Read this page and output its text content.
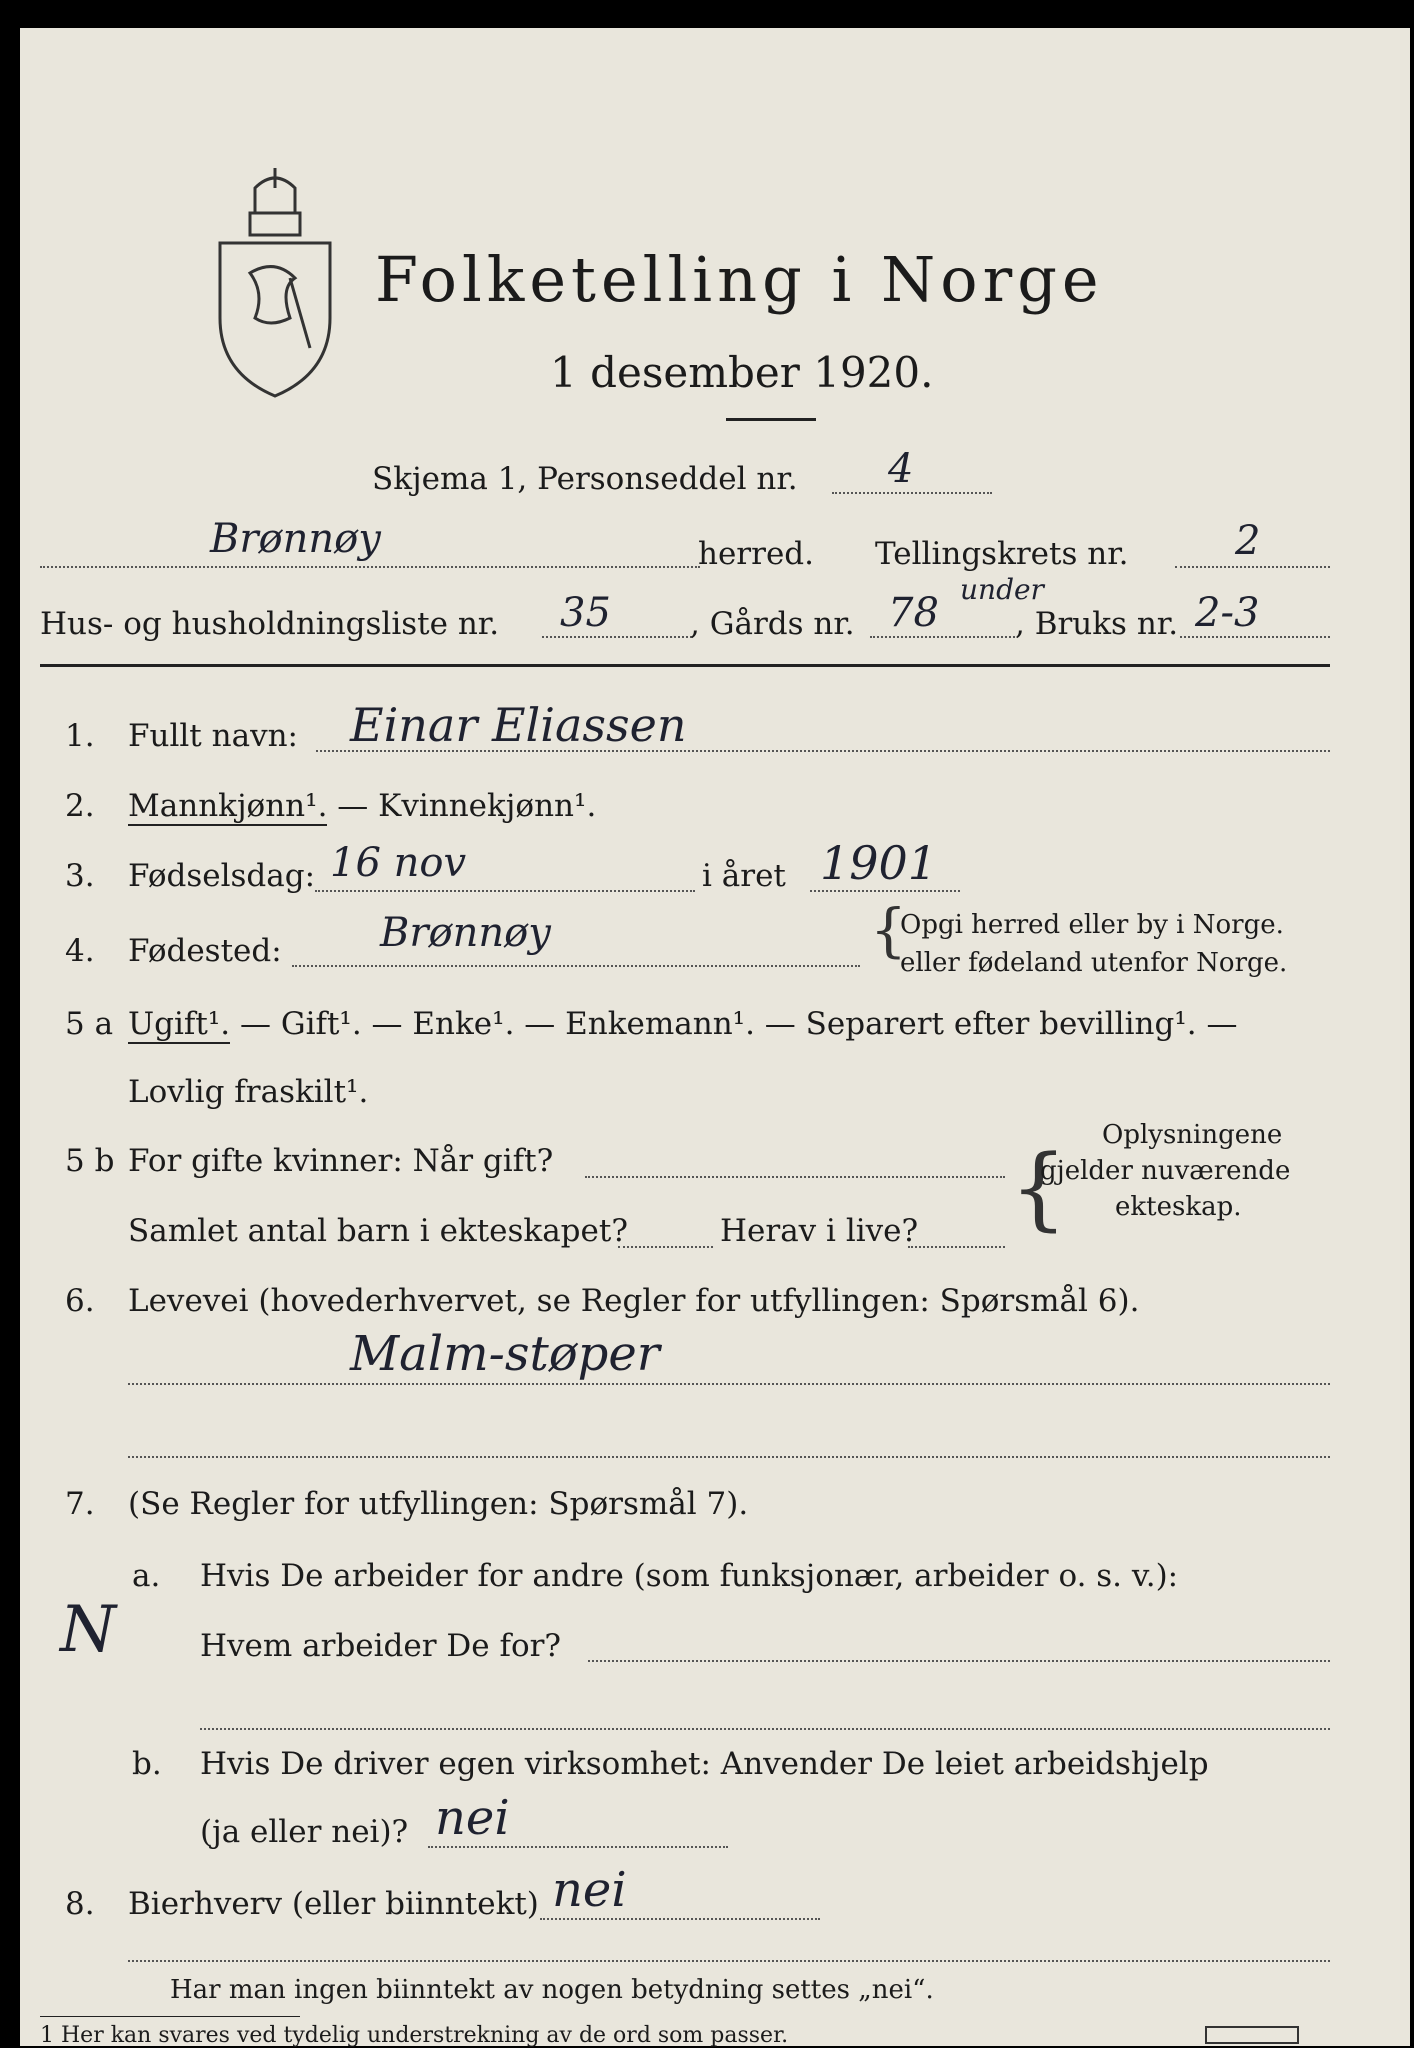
Folketelling i Norge
1 desember 1920.
Skjema 1, Personseddel nr. 4
Brønnøy	herred. Tellingskrets nr.	2
Hus- og husholdningsliste nr. 35	, Gårds nr. 78
under
, Bruks nr. 2-3
1. Fullt navn: Einar Eliassen
2. Mannkjønn¹. — Kvinnekjønn¹.
3. Fødselsdag: 16 nov	i året 1901
4. Fødested: Brønnøy	{
Opgi herred eller by i Norge.
eller fødeland utenfor Norge.
5 a Ugift¹. — Gift¹. — Enke¹. — Enkemann¹. — Separert efter bevilling¹. —
Lovlig fraskilt¹.
5 b For gifte kvinner: Når gift?
Samlet antal barn i ekteskapet?	Herav i live? {
Oplysningene
gjelder nuværende
ekteskap.
6. Levevei (hovederhvervet, se Regler for utfyllingen: Spørsmål 6).
Malm-støper
7. (Se Regler for utfyllingen: Spørsmål 7).
N
a. Hvis De arbeider for andre (som funksjonær, arbeider o. s. v.):
Hvem arbeider De for?
b. Hvis De driver egen virksomhet: Anvender De leiet arbeidshjelp
(ja eller nei)? nei
8. Bierhverv (eller biinntekt) nei
Har man ingen biinntekt av nogen betydning settes „nei“.
1 Her kan svares ved tydelig understrekning av de ord som passer.
